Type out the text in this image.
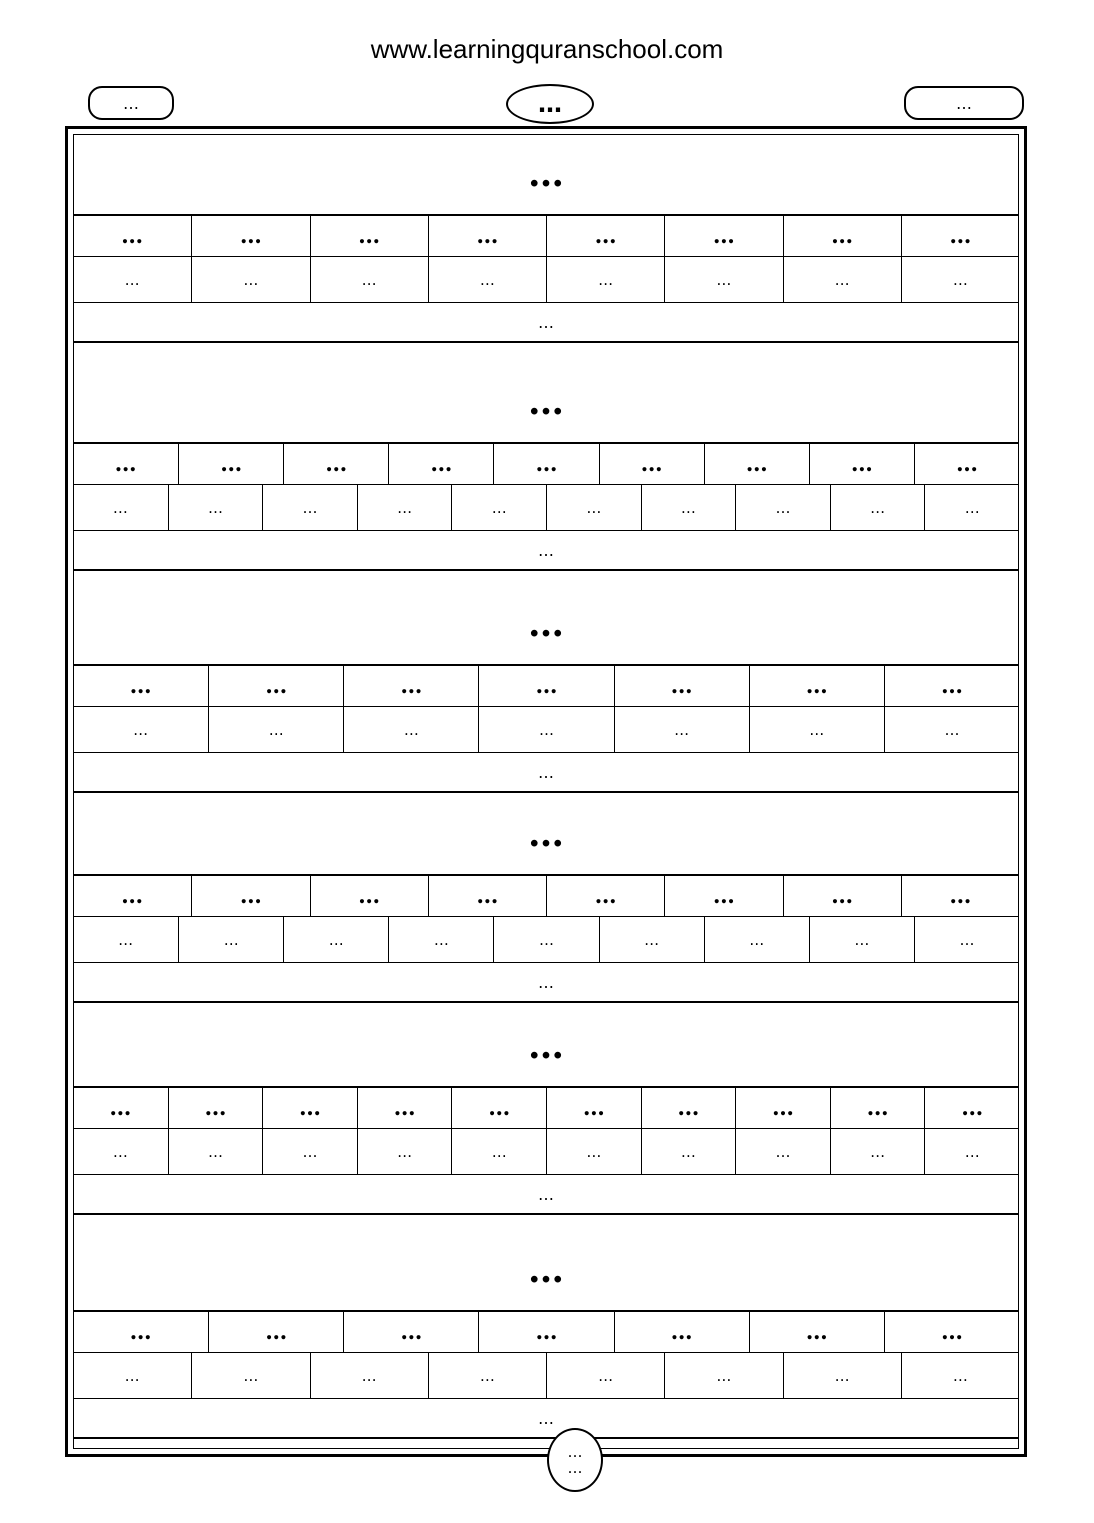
www.learningquranschool.com
…
…	…
…
…
…
…
…
…
…
…
…
…
…
…
…
…
…
…
…
…
…
…
…
…
…
…
…
…
…
…
…
…
…
…
…
…
…
…
…
…
…
…
…
…
…
…
…
…
…
…
…
…
…
…
…
…
…
…
…
…
…
…
…
…
…
…
…
…
…
…
…
…
…
…
…
…
…
…
…
…
…
…
…
…
…
…
…
…
…
…
…
…
…
…
…
…
…
…
…
…
…
…
…
…
…
…
…
…
…
…
…
…
…
…
…
…
…
